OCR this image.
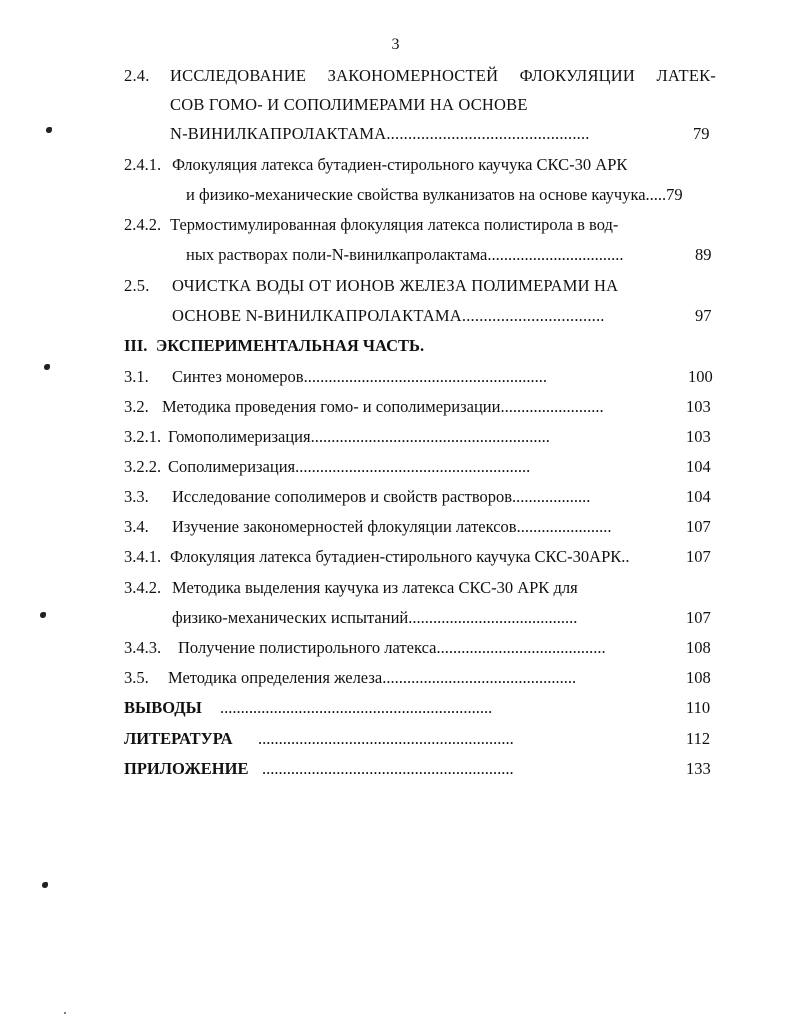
3
2.4. ИССЛЕДОВАНИЕ ЗАКОНОМЕРНОСТЕЙ ФЛОКУЛЯЦИИ ЛАТЕК-
СОВ ГОМО- И СОПОЛИМЕРАМИ НА ОСНОВЕ
N-ВИНИЛКАПРОЛАКТАМА...............................................	79
2.4.1. Флокуляция латекса бутадиен-стирольного каучука СКС-30 АРК
и физико-механические свойства вулканизатов на основе каучука.....79
2.4.2. Термостимулированная флокуляция латекса полистирола в вод-
ных растворах поли-N-винилкапролактама.................................	89
2.5. ОЧИСТКА ВОДЫ ОТ ИОНОВ ЖЕЛЕЗА ПОЛИМЕРАМИ НА
ОСНОВЕ N-ВИНИЛКАПРОЛАКТАМА.................................	97
III. ЭКСПЕРИМЕНТАЛЬНАЯ ЧАСТЬ.
3.1. Синтез мономеров...........................................................	100
3.2. Методика проведения гомо- и сополимеризации.........................	103
3.2.1. Гомополимеризация..........................................................	103
3.2.2. Сополимеризация.........................................................	104
3.3. Исследование сополимеров и свойств растворов...................	104
3.4. Изучение закономерностей флокуляции латексов.......................	107
3.4.1. Флокуляция латекса бутадиен-стирольного каучука СКС-30АРК..	107
3.4.2. Методика выделения каучука из латекса СКС-30 АРК для
физико-механических испытаний.........................................	107
3.4.3. Получение полистирольного латекса.........................................	108
3.5. Методика определения железа...............................................	108
ВЫВОДЫ ..................................................................	110
ЛИТЕРАТУРА ..............................................................	112
ПРИЛОЖЕНИЕ .............................................................	133
